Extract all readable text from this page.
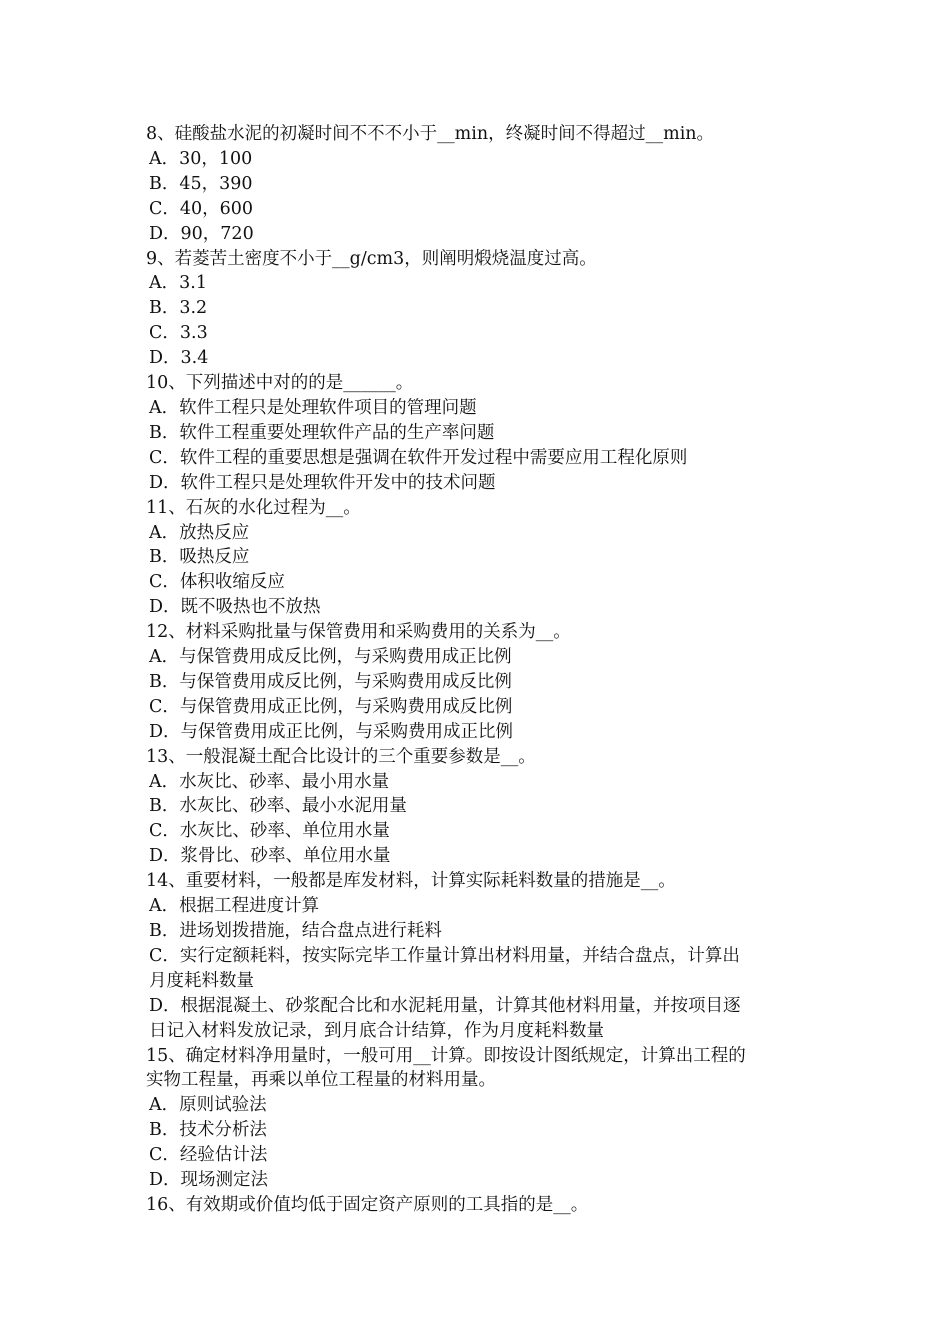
8、硅酸盐水泥的初凝时间不不不小于__min，终凝时间不得超过__min。
A．30，100
B．45，390
C．40，600
D．90，720
9、若菱苦土密度不小于__g/cm3，则阐明煅烧温度过高。
A．3.1
B．3.2
C．3.3
D．3.4
10、下列描述中对的的是______。
A．软件工程只是处理软件项目的管理问题
B．软件工程重要处理软件产品的生产率问题
C．软件工程的重要思想是强调在软件开发过程中需要应用工程化原则
D．软件工程只是处理软件开发中的技术问题
11、石灰的水化过程为__。
A．放热反应
B．吸热反应
C．体积收缩反应
D．既不吸热也不放热
12、材料采购批量与保管费用和采购费用的关系为__。
A．与保管费用成反比例，与采购费用成正比例
B．与保管费用成反比例，与采购费用成反比例
C．与保管费用成正比例，与采购费用成反比例
D．与保管费用成正比例，与采购费用成正比例
13、一般混凝土配合比设计的三个重要参数是__。
A．水灰比、砂率、最小用水量
B．水灰比、砂率、最小水泥用量
C．水灰比、砂率、单位用水量
D．浆骨比、砂率、单位用水量
14、重要材料，一般都是库发材料，计算实际耗料数量的措施是__。
A．根据工程进度计算
B．进场划拨措施，结合盘点进行耗料
C．实行定额耗料，按实际完毕工作量计算出材料用量，并结合盘点，计算出
月度耗料数量
D．根据混凝土、砂浆配合比和水泥耗用量，计算其他材料用量，并按项目逐
日记入材料发放记录，到月底合计结算，作为月度耗料数量
15、确定材料净用量时，一般可用__计算。即按设计图纸规定，计算出工程的
实物工程量，再乘以单位工程量的材料用量。
A．原则试验法
B．技术分析法
C．经验估计法
D．现场测定法
16、有效期或价值均低于固定资产原则的工具指的是__。
